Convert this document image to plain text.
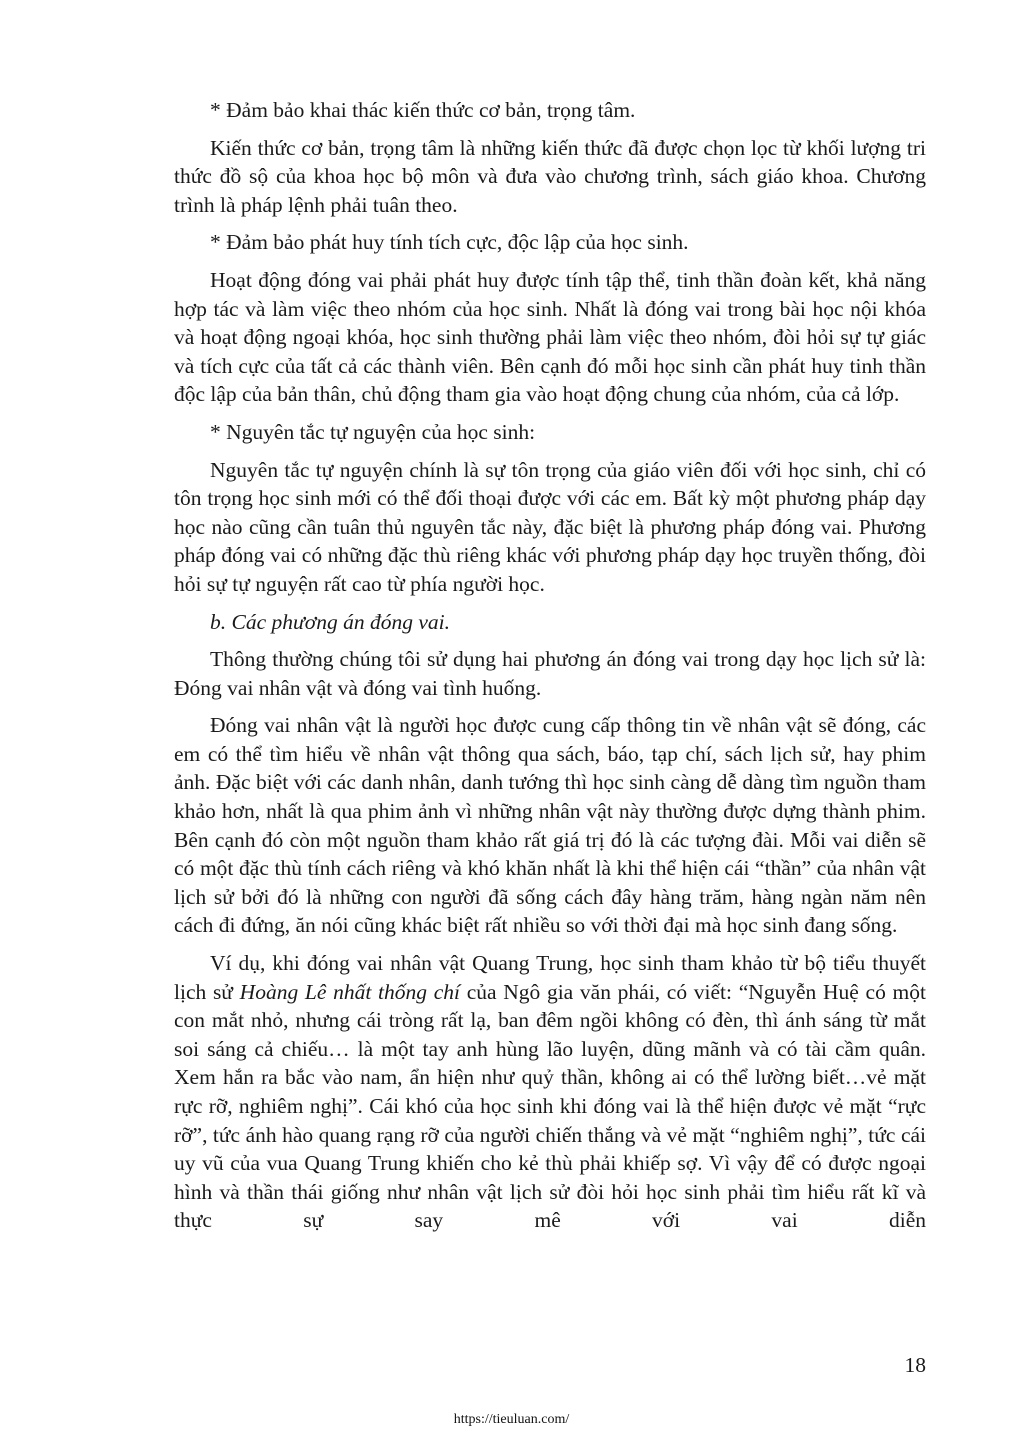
* Đảm bảo khai thác kiến thức cơ bản, trọng tâm.

Kiến thức cơ bản, trọng tâm là những kiến thức đã được chọn lọc từ khối lượng tri thức đồ sộ của khoa học bộ môn và đưa vào chương trình, sách giáo khoa. Chương trình là pháp lệnh phải tuân theo.

* Đảm bảo phát huy tính tích cực, độc lập của học sinh.

Hoạt động đóng vai phải phát huy được tính tập thể, tinh thần đoàn kết, khả năng hợp tác và làm việc theo nhóm của học sinh. Nhất là đóng vai trong bài học nội khóa và hoạt động ngoại khóa, học sinh thường phải làm việc theo nhóm, đòi hỏi sự tự giác và tích cực của tất cả các thành viên. Bên cạnh đó mỗi học sinh cần phát huy tinh thần độc lập của bản thân, chủ động tham gia vào hoạt động chung của nhóm, của cả lớp.

* Nguyên tắc tự nguyện của học sinh:

Nguyên tắc tự nguyện chính là sự tôn trọng của giáo viên đối với học sinh, chỉ có tôn trọng học sinh mới có thể đối thoại được với các em. Bất kỳ một phương pháp dạy học nào cũng cần tuân thủ nguyên tắc này, đặc biệt là phương pháp đóng vai. Phương pháp đóng vai có những đặc thù riêng khác với phương pháp dạy học truyền thống, đòi hỏi sự tự nguyện rất cao từ phía người học.

b. Các phương án đóng vai.

Thông thường chúng tôi sử dụng hai phương án đóng vai trong dạy học lịch sử là: Đóng vai nhân vật và đóng vai tình huống.

Đóng vai nhân vật là người học được cung cấp thông tin về nhân vật sẽ đóng, các em có thể tìm hiểu về nhân vật thông qua sách, báo, tạp chí, sách lịch sử, hay phim ảnh. Đặc biệt với các danh nhân, danh tướng thì học sinh càng dễ dàng tìm nguồn tham khảo hơn, nhất là qua phim ảnh vì những nhân vật này thường được dựng thành phim. Bên cạnh đó còn một nguồn tham khảo rất giá trị đó là các tượng đài. Mỗi vai diễn sẽ có một đặc thù tính cách riêng và khó khăn nhất là khi thể hiện cái “thần” của nhân vật lịch sử bởi đó là những con người đã sống cách đây hàng trăm, hàng ngàn năm nên cách đi đứng, ăn nói cũng khác biệt rất nhiều so với thời đại mà học sinh đang sống.

Ví dụ, khi đóng vai nhân vật Quang Trung, học sinh tham khảo từ bộ tiểu thuyết lịch sử Hoàng Lê nhất thống chí của Ngô gia văn phái, có viết: “Nguyễn Huệ có một con mắt nhỏ, nhưng cái tròng rất lạ, ban đêm ngồi không có đèn, thì ánh sáng từ mắt soi sáng cả chiếu… là một tay anh hùng lão luyện, dũng mãnh và có tài cầm quân. Xem hắn ra bắc vào nam, ẩn hiện như quỷ thần, không ai có thể lường biết…vẻ mặt rực rỡ, nghiêm nghị”. Cái khó của học sinh khi đóng vai là thể hiện được vẻ mặt “rực rỡ”, tức ánh hào quang rạng rỡ của người chiến thắng và vẻ mặt “nghiêm nghị”, tức cái uy vũ của vua Quang Trung khiến cho kẻ thù phải khiếp sợ. Vì vậy để có được ngoại hình và thần thái giống như nhân vật lịch sử đòi hỏi học sinh phải tìm hiểu rất kĩ và thực sự say mê với vai diễn

18
https://tieuluan.com/
